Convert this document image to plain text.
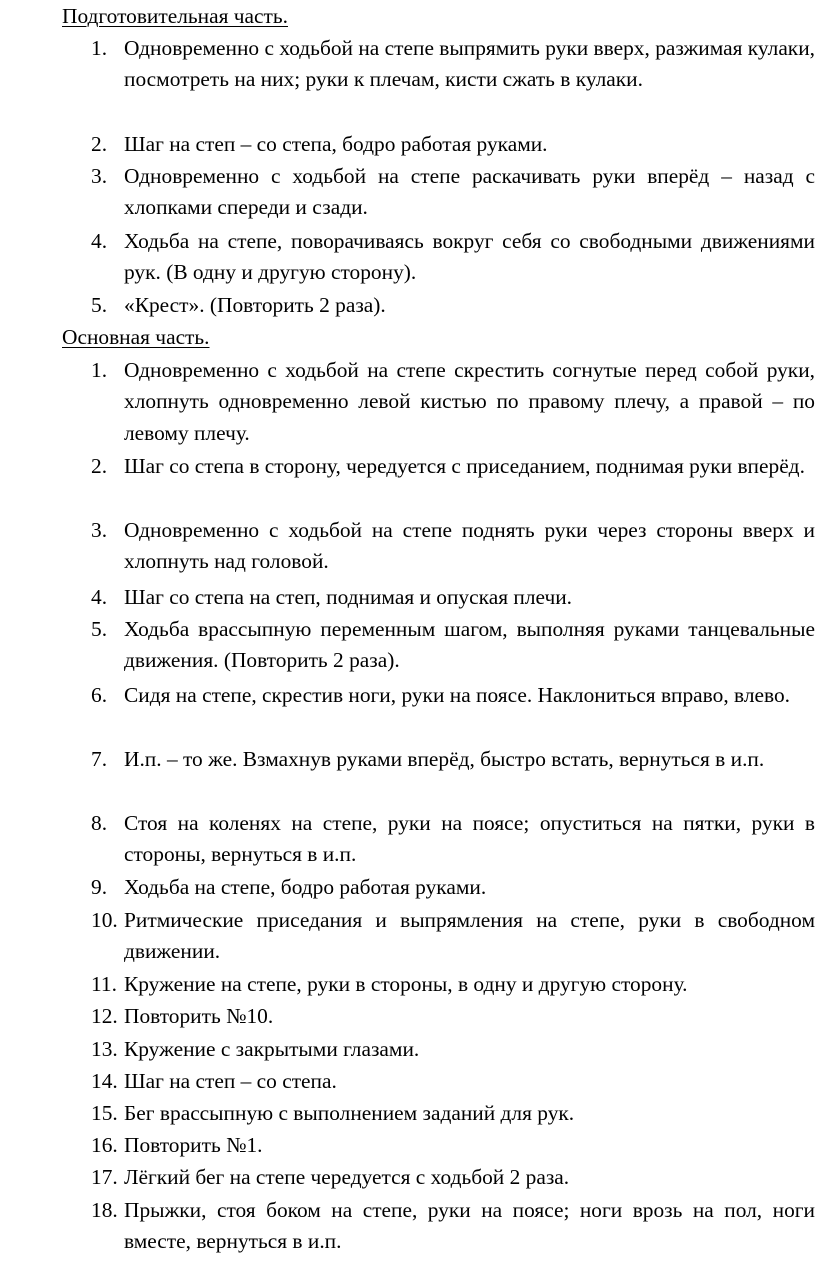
Подготовительная часть.
1. Одновременно с ходьбой на степе выпрямить руки вверх, разжимая кулаки, посмотреть на них; руки к плечам, кисти сжать в кулаки.
2. Шаг на степ – со степа, бодро работая руками.
3. Одновременно с ходьбой на степе раскачивать руки вперёд – назад с хлопками спереди и сзади.
4. Ходьба на степе, поворачиваясь вокруг себя со свободными движениями рук. (В одну и другую сторону).
5. «Крест». (Повторить 2 раза).
Основная часть.
1. Одновременно с ходьбой на степе скрестить согнутые перед собой руки, хлопнуть одновременно левой кистью по правому плечу, а правой – по левому плечу.
2. Шаг со степа в сторону, чередуется с приседанием, поднимая руки вперёд.
3. Одновременно с ходьбой на степе поднять руки через стороны вверх и хлопнуть над головой.
4. Шаг со степа на степ, поднимая и опуская плечи.
5. Ходьба врассыпную переменным шагом, выполняя руками танцевальные движения. (Повторить 2 раза).
6. Сидя на степе, скрестив ноги, руки на поясе. Наклониться вправо, влево.
7. И.п. – то же. Взмахнув руками вперёд, быстро встать, вернуться в и.п.
8. Стоя на коленях на степе, руки на поясе; опуститься на пятки, руки в стороны, вернуться в и.п.
9. Ходьба на степе, бодро работая руками.
10. Ритмические приседания и выпрямления на степе, руки в свободном движении.
11. Кружение на степе, руки в стороны, в одну и другую сторону.
12. Повторить №10.
13. Кружение с закрытыми глазами.
14. Шаг на степ – со степа.
15. Бег врассыпную с выполнением заданий для рук.
16. Повторить №1.
17. Лёгкий бег на степе чередуется с ходьбой 2 раза.
18. Прыжки, стоя боком на степе, руки на поясе; ноги врозь на пол, ноги вместе, вернуться в и.п.
